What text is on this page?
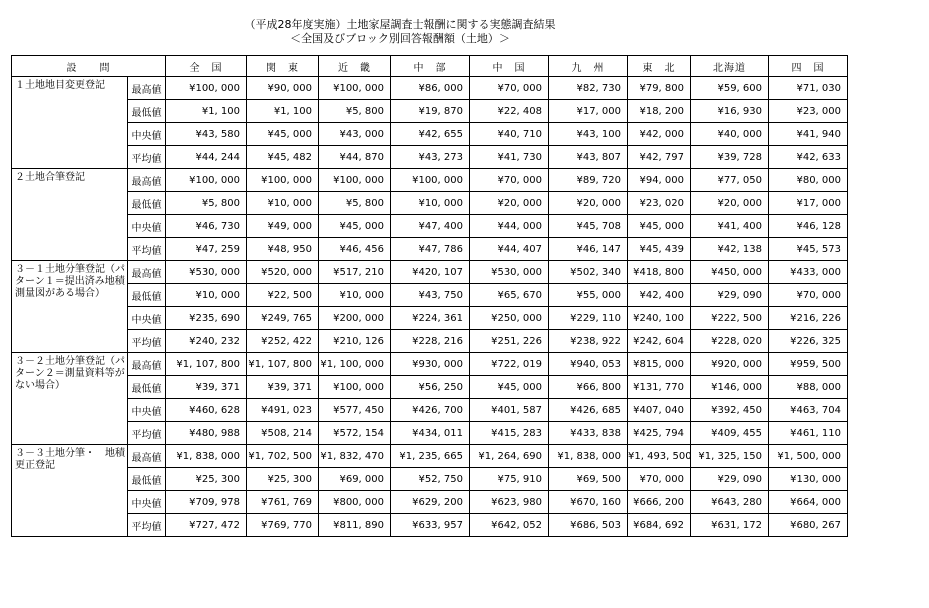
（平成28年度実施）土地家屋調査士報酬に関する実態調査結果
＜全国及びブロック別回答報酬額（土地）＞
設　　問		全　国	関　東	近　畿	中　部	中　国	九　州	東　北	北海道	四　国
１土地地目変更登記	最高値	¥100, 000	¥90, 000	¥100, 000	¥86, 000	¥70, 000	¥82, 730	¥79, 800	¥59, 600	¥71, 030
	最低値	¥1, 100	¥1, 100	¥5, 800	¥19, 870	¥22, 408	¥17, 000	¥18, 200	¥16, 930	¥23, 000
	中央値	¥43, 580	¥45, 000	¥43, 000	¥42, 655	¥40, 710	¥43, 100	¥42, 000	¥40, 000	¥41, 940
	平均値	¥44, 244	¥45, 482	¥44, 870	¥43, 273	¥41, 730	¥43, 807	¥42, 797	¥39, 728	¥42, 633
２土地合筆登記	最高値	¥100, 000	¥100, 000	¥100, 000	¥100, 000	¥70, 000	¥89, 720	¥94, 000	¥77, 050	¥80, 000
	最低値	¥5, 800	¥10, 000	¥5, 800	¥10, 000	¥20, 000	¥20, 000	¥23, 020	¥20, 000	¥17, 000
	中央値	¥46, 730	¥49, 000	¥45, 000	¥47, 400	¥44, 000	¥45, 708	¥45, 000	¥41, 400	¥46, 128
	平均値	¥47, 259	¥48, 950	¥46, 456	¥47, 786	¥44, 407	¥46, 147	¥45, 439	¥42, 138	¥45, 573
３－１土地分筆登記（パターン１＝提出済み地積測量図がある場合）	最高値	¥530, 000	¥520, 000	¥517, 210	¥420, 107	¥530, 000	¥502, 340	¥418, 800	¥450, 000	¥433, 000
	最低値	¥10, 000	¥22, 500	¥10, 000	¥43, 750	¥65, 670	¥55, 000	¥42, 400	¥29, 090	¥70, 000
	中央値	¥235, 690	¥249, 765	¥200, 000	¥224, 361	¥250, 000	¥229, 110	¥240, 100	¥222, 500	¥216, 226
	平均値	¥240, 232	¥252, 422	¥210, 126	¥228, 216	¥251, 226	¥238, 922	¥242, 604	¥228, 020	¥226, 325
３－２土地分筆登記（パターン２＝測量資料等がない場合）	最高値	¥1, 107, 800	¥1, 107, 800	¥1, 100, 000	¥930, 000	¥722, 019	¥940, 053	¥815, 000	¥920, 000	¥959, 500
	最低値	¥39, 371	¥39, 371	¥100, 000	¥56, 250	¥45, 000	¥66, 800	¥131, 770	¥146, 000	¥88, 000
	中央値	¥460, 628	¥491, 023	¥577, 450	¥426, 700	¥401, 587	¥426, 685	¥407, 040	¥392, 450	¥463, 704
	平均値	¥480, 988	¥508, 214	¥572, 154	¥434, 011	¥415, 283	¥433, 838	¥425, 794	¥409, 455	¥461, 110
３－３土地分筆・　地積更正登記	最高値	¥1, 838, 000	¥1, 702, 500	¥1, 832, 470	¥1, 235, 665	¥1, 264, 690	¥1, 838, 000	¥1, 493, 500	¥1, 325, 150	¥1, 500, 000
	最低値	¥25, 300	¥25, 300	¥69, 000	¥52, 750	¥75, 910	¥69, 500	¥70, 000	¥29, 090	¥130, 000
	中央値	¥709, 978	¥761, 769	¥800, 000	¥629, 200	¥623, 980	¥670, 160	¥666, 200	¥643, 280	¥664, 000
	平均値	¥727, 472	¥769, 770	¥811, 890	¥633, 957	¥642, 052	¥686, 503	¥684, 692	¥631, 172	¥680, 267
